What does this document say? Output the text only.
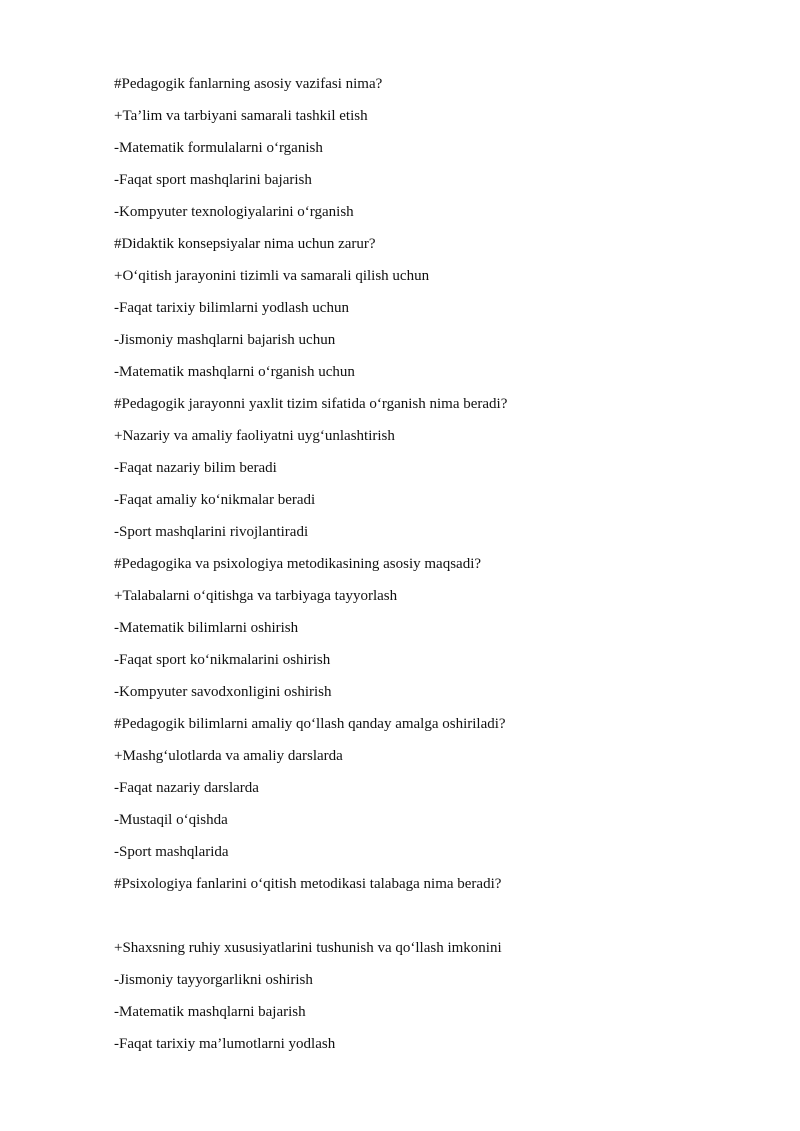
#Pedagogik fanlarning asosiy vazifasi nima?
+Ta’lim va tarbiyani samarali tashkil etish
-Matematik formulalarni o‘rganish
-Faqat sport mashqlarini bajarish
-Kompyuter texnologiyalarini o‘rganish
#Didaktik konsepsiyalar nima uchun zarur?
+O‘qitish jarayonini tizimli va samarali qilish uchun
-Faqat tarixiy bilimlarni yodlash uchun
-Jismoniy mashqlarni bajarish uchun
-Matematik mashqlarni o‘rganish uchun
#Pedagogik jarayonni yaxlit tizim sifatida o‘rganish nima beradi?
+Nazariy va amaliy faoliyatni uyg‘unlashtirish
-Faqat nazariy bilim beradi
-Faqat amaliy ko‘nikmalar beradi
-Sport mashqlarini rivojlantiradi
#Pedagogika va psixologiya metodikasining asosiy maqsadi?
+Talabalarni o‘qitishga va tarbiyaga tayyorlash
-Matematik bilimlarni oshirish
-Faqat sport ko‘nikmalarini oshirish
-Kompyuter savodxonligini oshirish
#Pedagogik bilimlarni amaliy qo‘llash qanday amalga oshiriladi?
+Mashg‘ulotlarda va amaliy darslarda
-Faqat nazariy darslarda
-Mustaqil o‘qishda
-Sport mashqlarida
#Psixologiya fanlarini o‘qitish metodikasi talabaga nima beradi?
+Shaxsning ruhiy xususiyatlarini tushunish va qo‘llash imkonini
-Jismoniy tayyorgarlikni oshirish
-Matematik mashqlarni bajarish
-Faqat tarixiy ma’lumotlarni yodlash
